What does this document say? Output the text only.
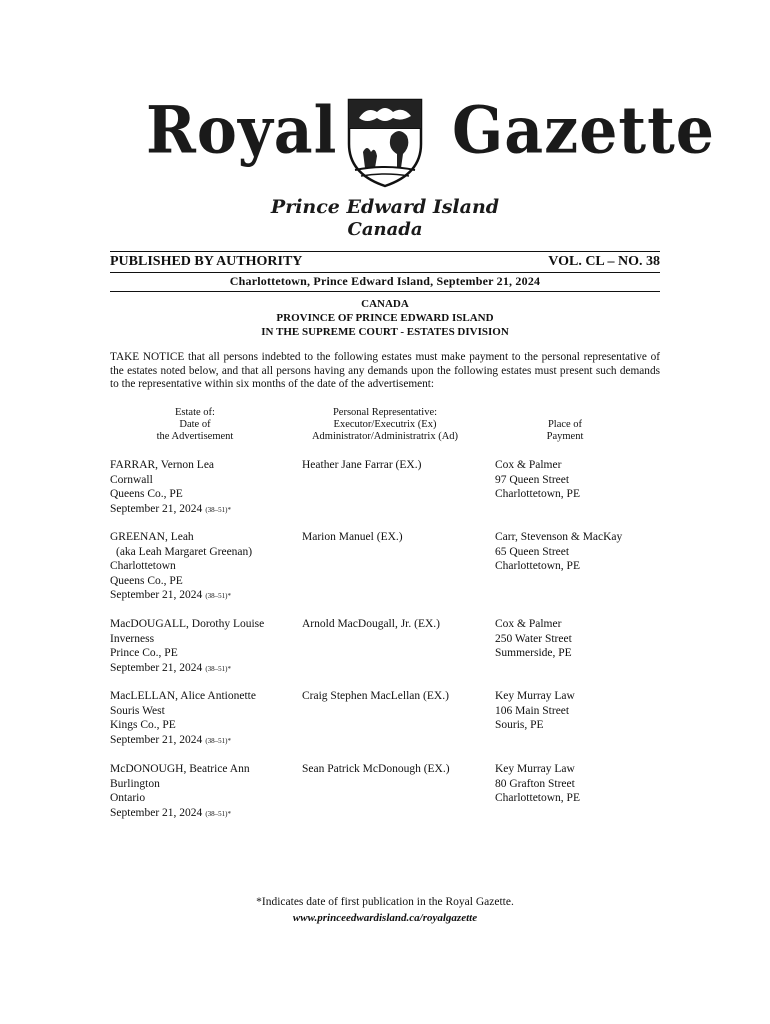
Royal Gazette
Prince Edward Island
Canada
PUBLISHED BY AUTHORITY	VOL. CL – NO. 38
Charlottetown, Prince Edward Island, September 21, 2024
CANADA
PROVINCE OF PRINCE EDWARD ISLAND
IN THE SUPREME COURT - ESTATES DIVISION
TAKE NOTICE that all persons indebted to the following estates must make payment to the personal representative of the estates noted below, and that all persons having any demands upon the following estates must present such demands to the representative within six months of the date of the advertisement:
Estate of:
Date of
the Advertisement
Personal Representative:
Executor/Executrix (Ex)
Administrator/Administratrix (Ad)
Place of
Payment
FARRAR, Vernon Lea
Cornwall
Queens Co., PE
September 21, 2024 (38–51)*
Heather Jane Farrar (EX.)	Cox & Palmer
97 Queen Street
Charlottetown, PE
GREENAN, Leah
(aka Leah Margaret Greenan)
Charlottetown
Queens Co., PE
September 21, 2024 (38–51)*
Marion Manuel (EX.)	Carr, Stevenson & MacKay
65 Queen Street
Charlottetown, PE
MacDOUGALL, Dorothy Louise
Inverness
Prince Co., PE
September 21, 2024 (38–51)*
Arnold MacDougall, Jr. (EX.)	Cox & Palmer
250 Water Street
Summerside, PE
MacLELLAN, Alice Antionette
Souris West
Kings Co., PE
September 21, 2024 (38–51)*
Craig Stephen MacLellan (EX.)	Key Murray Law
106 Main Street
Souris, PE
McDONOUGH, Beatrice Ann
Burlington
Ontario
September 21, 2024 (38–51)*
Sean Patrick McDonough (EX.)	Key Murray Law
80 Grafton Street
Charlottetown, PE
*Indicates date of first publication in the Royal Gazette.
www.princeedwardisland.ca/royalgazette
